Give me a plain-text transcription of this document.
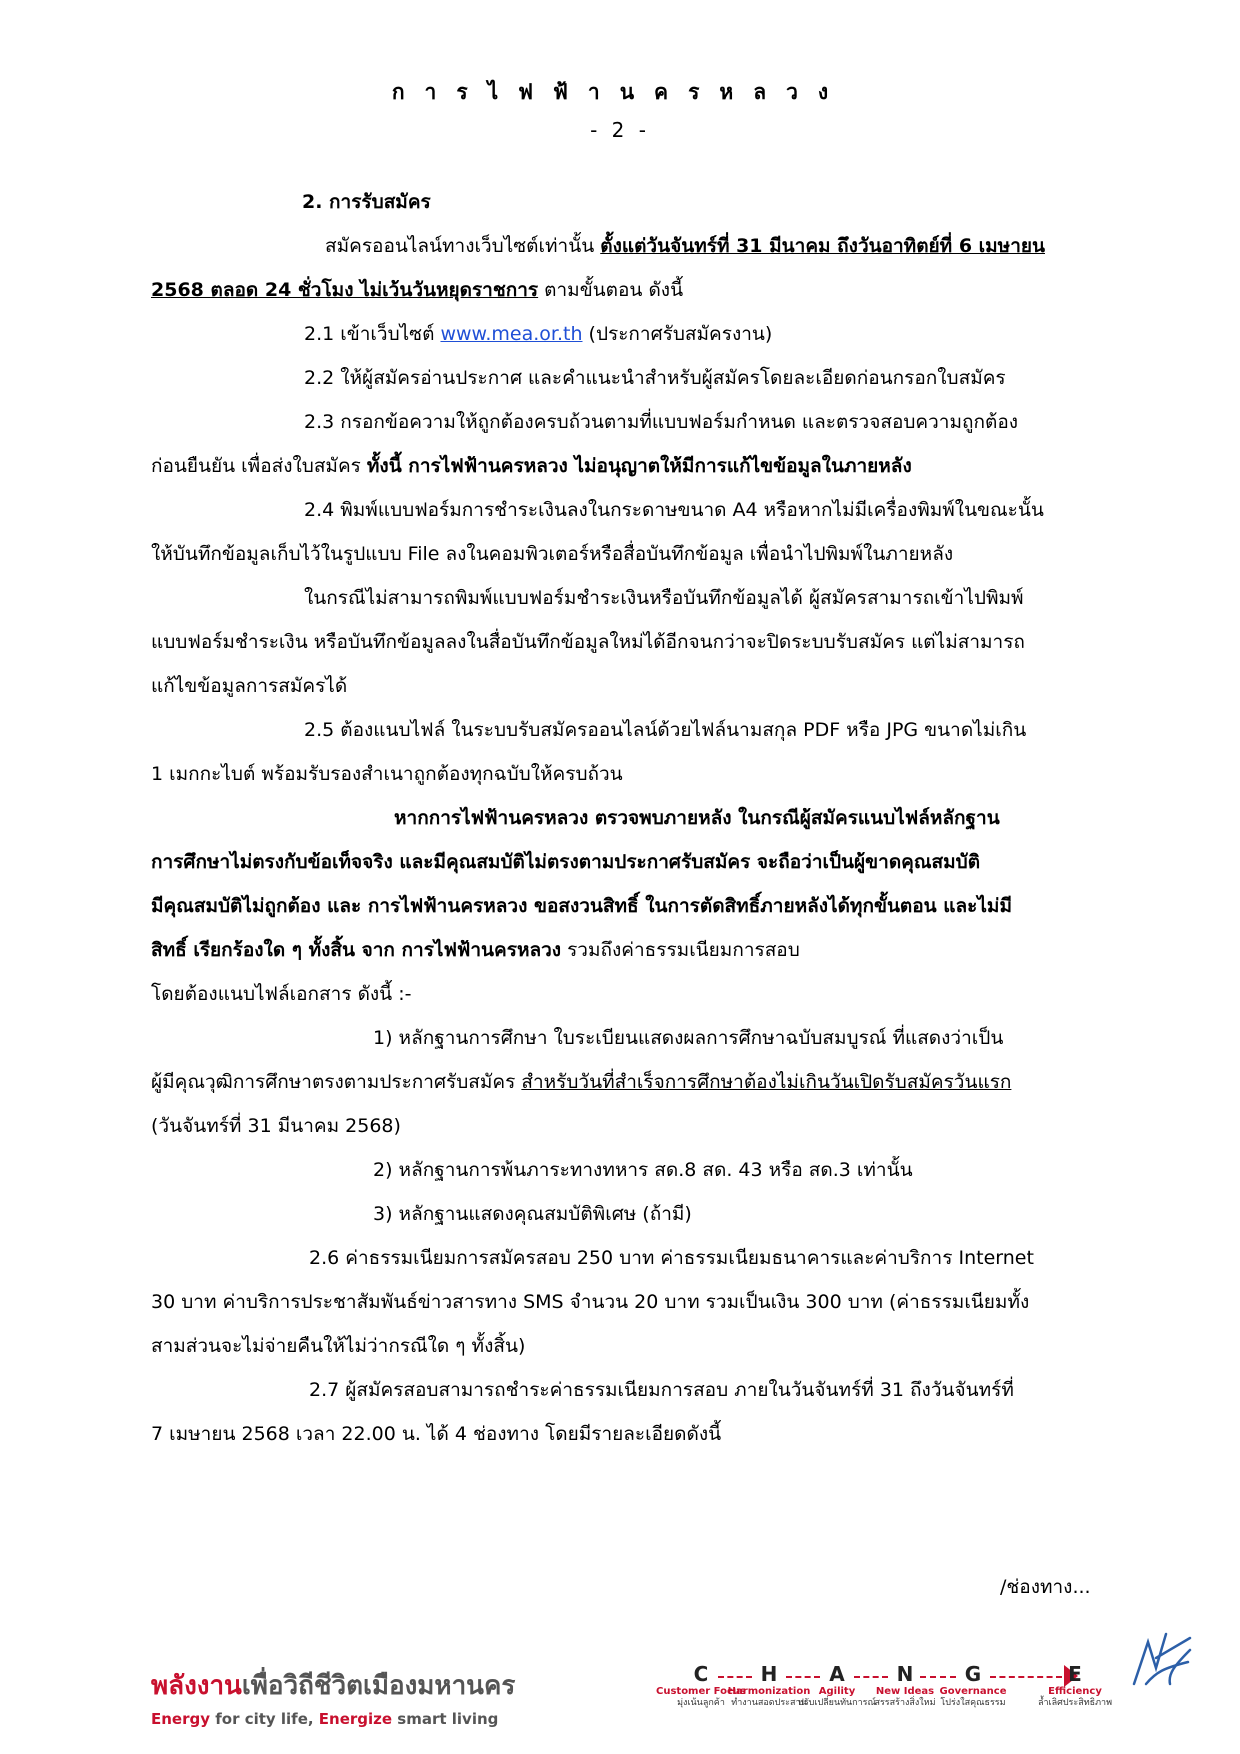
การไฟฟ้านครหลวง
- 2 -
2. การรับสมัคร
สมัครออนไลน์ทางเว็บไซต์เท่านั้น ตั้งแต่วันจันทร์ที่ 31 มีนาคม ถึงวันอาทิตย์ที่ 6 เมษายน
2568 ตลอด 24 ชั่วโมง ไม่เว้นวันหยุดราชการ ตามขั้นตอน ดังนี้
2.1 เข้าเว็บไซต์ www.mea.or.th (ประกาศรับสมัครงาน)
2.2 ให้ผู้สมัครอ่านประกาศ และคำแนะนำสำหรับผู้สมัครโดยละเอียดก่อนกรอกใบสมัคร
2.3 กรอกข้อความให้ถูกต้องครบถ้วนตามที่แบบฟอร์มกำหนด และตรวจสอบความถูกต้อง
ก่อนยืนยัน เพื่อส่งใบสมัคร ทั้งนี้ การไฟฟ้านครหลวง ไม่อนุญาตให้มีการแก้ไขข้อมูลในภายหลัง
2.4 พิมพ์แบบฟอร์มการชำระเงินลงในกระดาษขนาด A4 หรือหากไม่มีเครื่องพิมพ์ในขณะนั้น
ให้บันทึกข้อมูลเก็บไว้ในรูปแบบ File ลงในคอมพิวเตอร์หรือสื่อบันทึกข้อมูล เพื่อนำไปพิมพ์ในภายหลัง
ในกรณีไม่สามารถพิมพ์แบบฟอร์มชำระเงินหรือบันทึกข้อมูลได้ ผู้สมัครสามารถเข้าไปพิมพ์
แบบฟอร์มชำระเงิน หรือบันทึกข้อมูลลงในสื่อบันทึกข้อมูลใหม่ได้อีกจนกว่าจะปิดระบบรับสมัคร แต่ไม่สามารถ
แก้ไขข้อมูลการสมัครได้
2.5 ต้องแนบไฟล์ ในระบบรับสมัครออนไลน์ด้วยไฟล์นามสกุล PDF หรือ JPG ขนาดไม่เกิน
1 เมกกะไบต์ พร้อมรับรองสำเนาถูกต้องทุกฉบับให้ครบถ้วน
หากการไฟฟ้านครหลวง ตรวจพบภายหลัง ในกรณีผู้สมัครแนบไฟล์หลักฐาน
การศึกษาไม่ตรงกับข้อเท็จจริง และมีคุณสมบัติไม่ตรงตามประกาศรับสมัคร จะถือว่าเป็นผู้ขาดคุณสมบัติ
มีคุณสมบัติไม่ถูกต้อง และ การไฟฟ้านครหลวง ขอสงวนสิทธิ์ ในการตัดสิทธิ์ภายหลังได้ทุกขั้นตอน และไม่มี
สิทธิ์ เรียกร้องใด ๆ ทั้งสิ้น จาก การไฟฟ้านครหลวง รวมถึงค่าธรรมเนียมการสอบ
โดยต้องแนบไฟล์เอกสาร ดังนี้ :-
1) หลักฐานการศึกษา ใบระเบียนแสดงผลการศึกษาฉบับสมบูรณ์ ที่แสดงว่าเป็น
ผู้มีคุณวุฒิการศึกษาตรงตามประกาศรับสมัคร สำหรับวันที่สำเร็จการศึกษาต้องไม่เกินวันเปิดรับสมัครวันแรก
(วันจันทร์ที่ 31 มีนาคม 2568)
2) หลักฐานการพ้นภาระทางทหาร สด.8 สด. 43 หรือ สด.3 เท่านั้น
3) หลักฐานแสดงคุณสมบัติพิเศษ (ถ้ามี)
2.6 ค่าธรรมเนียมการสมัครสอบ 250 บาท ค่าธรรมเนียมธนาคารและค่าบริการ Internet
30 บาท ค่าบริการประชาสัมพันธ์ข่าวสารทาง SMS จำนวน 20 บาท รวมเป็นเงิน 300 บาท (ค่าธรรมเนียมทั้ง
สามส่วนจะไม่จ่ายคืนให้ไม่ว่ากรณีใด ๆ ทั้งสิ้น)
2.7 ผู้สมัครสอบสามารถชำระค่าธรรมเนียมการสอบ ภายในวันจันทร์ที่ 31 ถึงวันจันทร์ที่
7 เมษายน 2568 เวลา 22.00 น. ได้ 4 ช่องทาง โดยมีรายละเอียดดังนี้
/ช่องทาง...
พลังงานเพื่อวิถีชีวิตเมืองมหานคร
Energy for city life, Energize smart living
C
Customer Focus
มุ่งเน้นลูกค้า
H
Harmonization
ทำงานสอดประสาน
A
Agility
ปรับเปลี่ยนทันการณ์
N
New Ideas
สรรสร้างสิ่งใหม่
G
Governance
โปร่งใสคุณธรรม
E
Efficiency
ล้ำเลิศประสิทธิภาพ
